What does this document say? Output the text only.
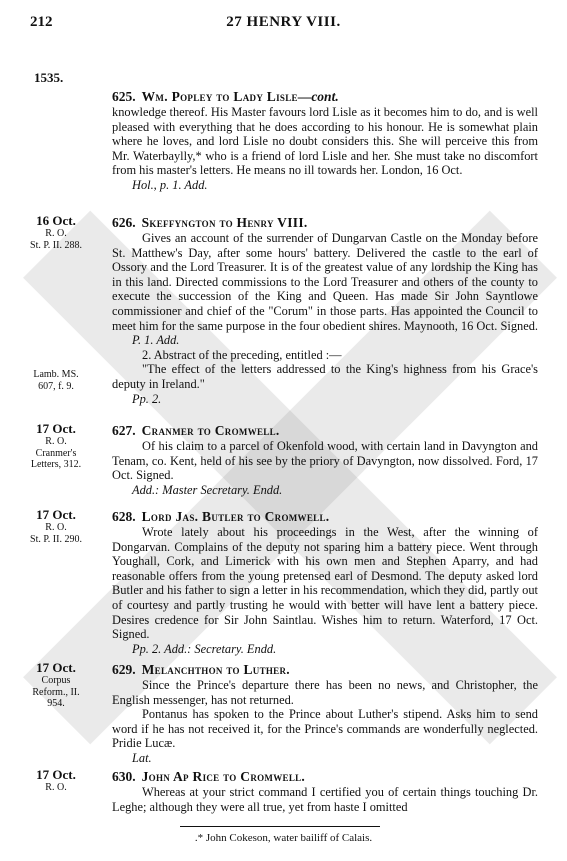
212	27 HENRY VIII.
1535.
625. Wm. Popley to Lady Lisle—cont.

knowledge thereof. His Master favours lord Lisle as it becomes him to do, and is well pleased with everything that he does according to his honour. He is somewhat plain where he loves, and lord Lisle no doubt considers this. She will perceive this from Mr. Waterbaylly,* who is a friend of lord Lisle and her. She must take no discomfort from his master's letters. He means no ill towards her. London, 16 Oct.

Hol., p. 1. Add.
16 Oct.
R. O.
St. P. II. 288.
626. Skeffyngton to Henry VIII.

Gives an account of the surrender of Dungarvan Castle on the Monday before St. Matthew's Day, after some hours' battery. Delivered the castle to the earl of Ossory and the Lord Treasurer. It is of the greatest value of any lordship the King has in this land. Directed commissions to the Lord Treasurer and others of the county to execute the succession of the King and Queen. Has made Sir John Sayntlowe commissioner and chief of the "Corum" in those parts. Has appointed the Council to meet him for the same purpose in the four obedient shires. Maynooth, 16 Oct. Signed.

P. 1. Add.

2. Abstract of the preceding, entitled :—

"The effect of the letters addressed to the King's highness from his Grace's deputy in Ireland."

Pp. 2.
Lamb. MS.
607, f. 9.
17 Oct.
R. O.
Cranmer's
Letters, 312.
627. Cranmer to Cromwell.

Of his claim to a parcel of Okenfold wood, with certain land in Davyngton and Tenam, co. Kent, held of his see by the priory of Davyngton, now dissolved. Ford, 17 Oct. Signed.

Add.: Master Secretary. Endd.
17 Oct.
R. O.
St. P. II. 290.
628. Lord Jas. Butler to Cromwell.

Wrote lately about his proceedings in the West, after the winning of Dongarvan. Complains of the deputy not sparing him a battery piece. Went through Youghall, Cork, and Limerick with his own men and Stephen Aparry, and had reasonable offers from the young pretensed earl of Desmond. The deputy asked lord Butler and his father to sign a letter in his recommendation, which they did, partly out of courtesy and partly trusting he would with better will have lent a battery piece. Desires credence for Sir John Saintlau. Wishes him to return. Waterford, 17 Oct. Signed.

Pp. 2. Add.: Secretary. Endd.
17 Oct.
Corpus
Reform., II.
954.
629. Melanchthon to Luther.

Since the Prince's departure there has been no news, and Christopher, the English messenger, has not returned.

Pontanus has spoken to the Prince about Luther's stipend. Asks him to send word if he has not received it, for the Prince's commands are wonderfully neglected. Pridie Lucæ.

Lat.
17 Oct.
R. O.
630. John Ap Rice to Cromwell.

Whereas at your strict command I certified you of certain things touching Dr. Leghe; although they were all true, yet from haste I omitted

.* John Cokeson, water bailiff of Calais.
